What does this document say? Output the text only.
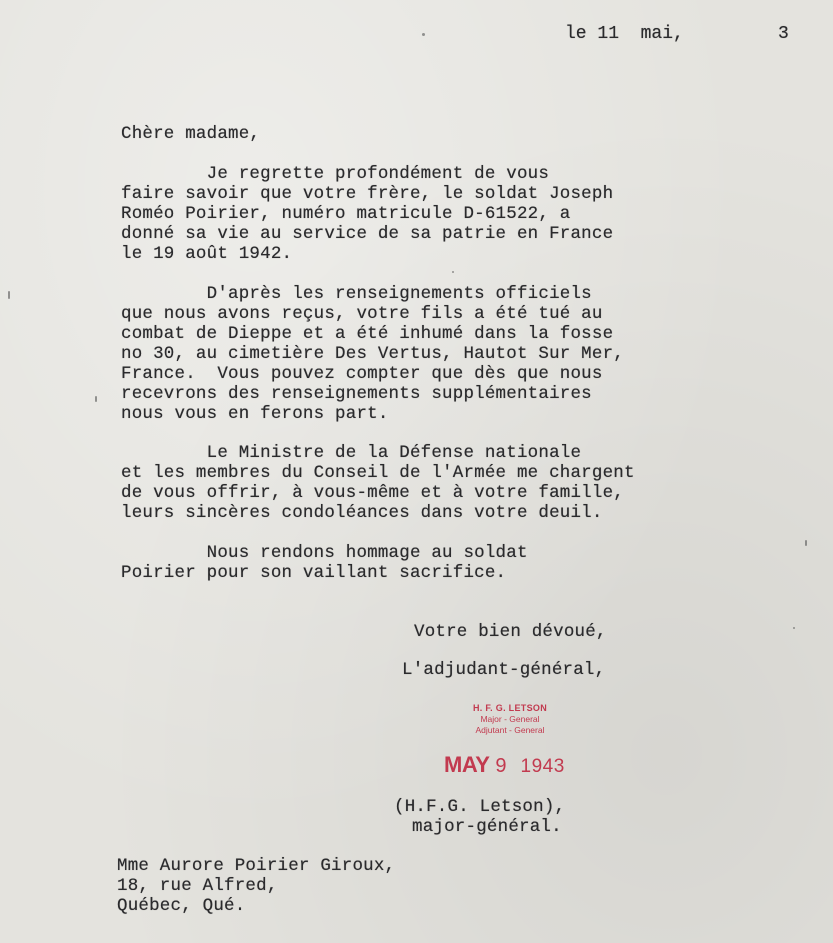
le 11  mai,	3
Chère madame,
Je regrette profondément de vous
faire savoir que votre frère, le soldat Joseph
Roméo Poirier, numéro matricule D-61522, a
donné sa vie au service de sa patrie en France
le 19 août 1942.
D'après les renseignements officiels
que nous avons reçus, votre fils a été tué au
combat de Dieppe et a été inhumé dans la fosse
no 30, au cimetière Des Vertus, Hautot Sur Mer,
France.  Vous pouvez compter que dès que nous
recevrons des renseignements supplémentaires
nous vous en ferons part.
Le Ministre de la Défense nationale
et les membres du Conseil de l'Armée me chargent
de vous offrir, à vous-même et à votre famille,
leurs sincères condoléances dans votre deuil.
Nous rendons hommage au soldat
Poirier pour son vaillant sacrifice.
Votre bien dévoué,
L'adjudant-général,
H. F. G. LETSON
Major - General
Adjutant - General
MAY 9 1943
(H.F.G. Letson),
major-général.
Mme Aurore Poirier Giroux,
18, rue Alfred,
Québec, Qué.
